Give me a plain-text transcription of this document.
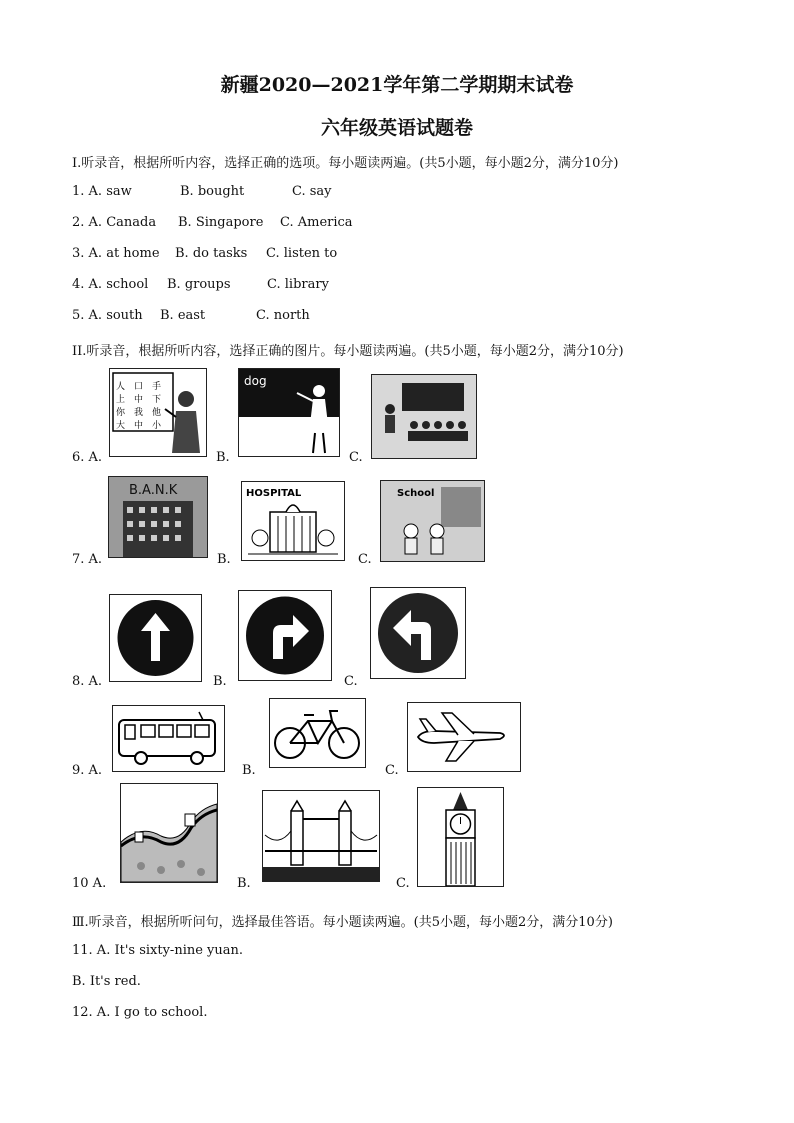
新疆2020—2021学年第二学期期末试卷
六年级英语试题卷
I.听录音，根据所听内容，选择正确的选项。每小题读两遍。(共5小题，每小题2分，满分10分)
1. A. saw	B. bought	C. say
2. A. Canada B. Singapore C. America
3. A. at home B. do tasks C. listen to
4. A. school B. groups	C. library
5. A. south B. east	C. north
II.听录音，根据所听内容，选择正确的图片。每小题读两遍。(共5小题，每小题2分，满分10分)
6. A.	B.	C.
人 口 手
上 中 下
你 我 他
大 中 小
dog
7. A.	B.	C.
B.A.N.K	HOSPITAL	School
8. A.	B.	C.
9. A.	B.	C.
10 A.	B.	C.
Ⅲ.听录音，根据所听问句，选择最佳答语。每小题读两遍。(共5小题，每小题2分，满分10分)
11. A. It's sixty-nine yuan.
B. It's red.
12. A. I go to school.
